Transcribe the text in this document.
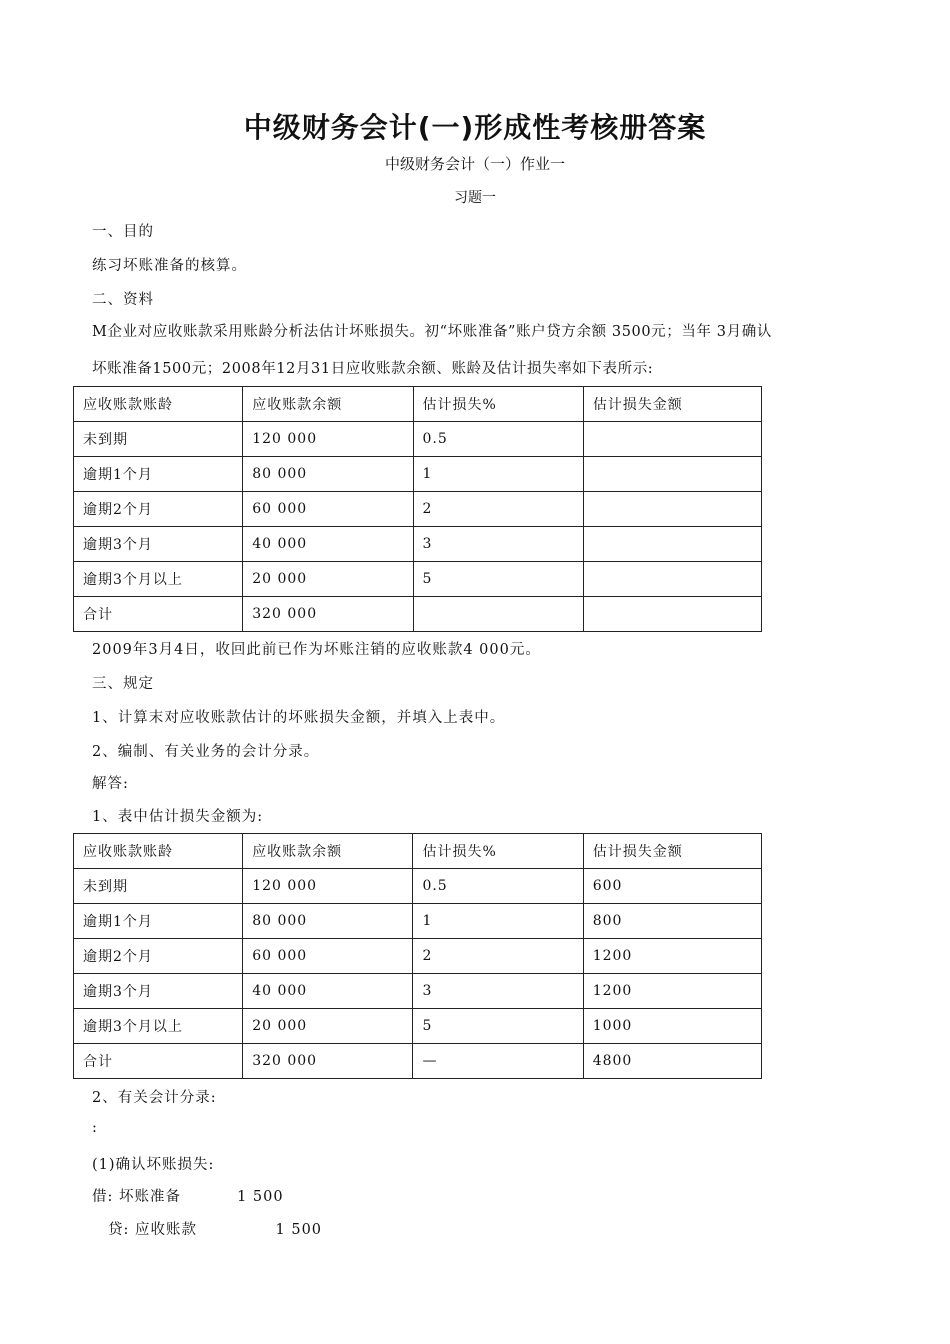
中级财务会计(一)形成性考核册答案
中级财务会计（一）作业一
习题一
一、目的
练习坏账准备的核算。
二、资料
M企业对应收账款采用账龄分析法估计坏账损失。初“坏账准备”账户贷方余额 3500元；当年 3月确认
坏账准备1500元；2008年12月31日应收账款余额、账龄及估计损失率如下表所示:
应收账款账龄	应收账款余额	估计损失%	估计损失金额
未到期	120 000	0.5	
逾期1个月	80 000	1	
逾期2个月	60 000	2	
逾期3个月	40 000	3	
逾期3个月以上	20 000	5	
合计	320 000		
2009年3月4日，收回此前已作为坏账注销的应收账款4 000元。
三、规定
1、计算末对应收账款估计的坏账损失金额，并填入上表中。
2、编制、有关业务的会计分录。
解答:
1、表中估计损失金额为:
应收账款账龄	应收账款余额	估计损失%	估计损失金额
未到期	120 000	0.5	600
逾期1个月	80 000	1	800
逾期2个月	60 000	2	1200
逾期3个月	40 000	3	1200
逾期3个月以上	20 000	5	1000
合计	320 000	—	4800
2、有关会计分录:
:
(1)确认坏账损失:
借: 坏账准备          1 500
贷: 应收账款              1 500
